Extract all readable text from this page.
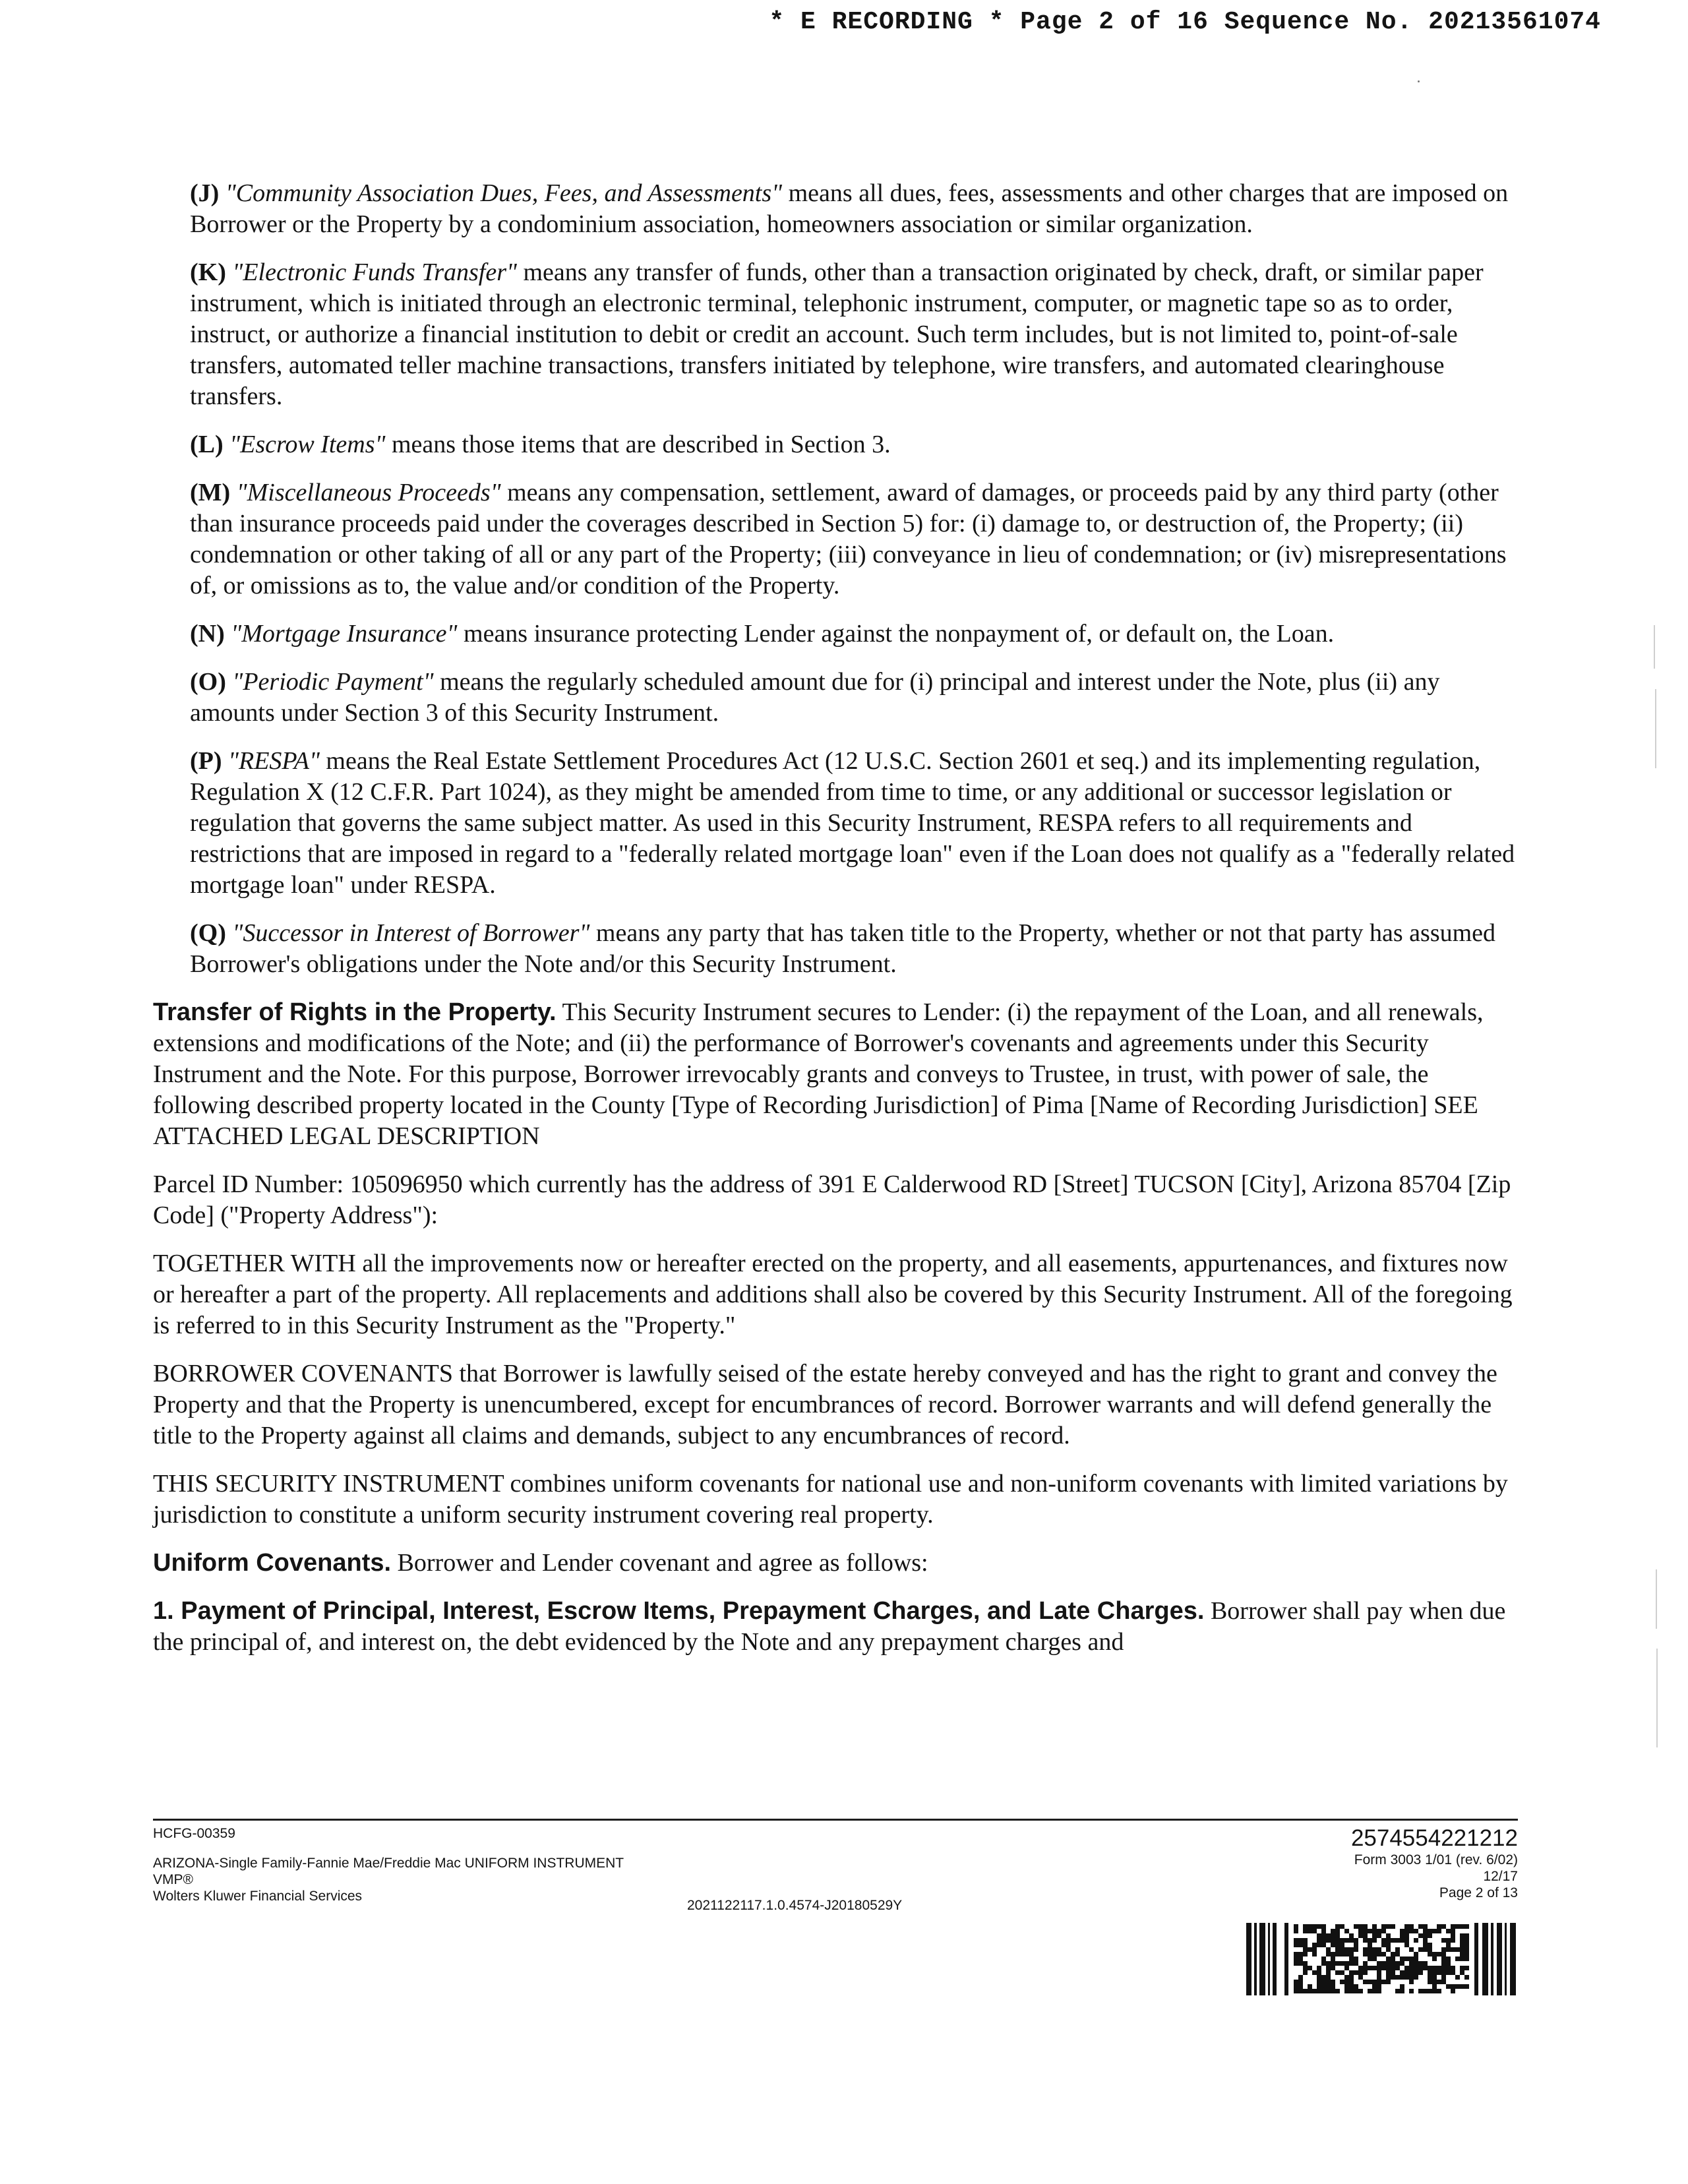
* E RECORDING * Page 2 of 16 Sequence No. 20213561074

(J) "Community Association Dues, Fees, and Assessments" means all dues, fees, assessments and other charges that are imposed on Borrower or the Property by a condominium association, homeowners association or similar organization.

(K) "Electronic Funds Transfer" means any transfer of funds, other than a transaction originated by check, draft, or similar paper instrument, which is initiated through an electronic terminal, telephonic instrument, computer, or magnetic tape so as to order, instruct, or authorize a financial institution to debit or credit an account. Such term includes, but is not limited to, point-of-sale transfers, automated teller machine transactions, transfers initiated by telephone, wire transfers, and automated clearinghouse transfers.

(L) "Escrow Items" means those items that are described in Section 3.

(M) "Miscellaneous Proceeds" means any compensation, settlement, award of damages, or proceeds paid by any third party (other than insurance proceeds paid under the coverages described in Section 5) for: (i) damage to, or destruction of, the Property; (ii) condemnation or other taking of all or any part of the Property; (iii) conveyance in lieu of condemnation; or (iv) misrepresentations of, or omissions as to, the value and/or condition of the Property.

(N) "Mortgage Insurance" means insurance protecting Lender against the nonpayment of, or default on, the Loan.

(O) "Periodic Payment" means the regularly scheduled amount due for (i) principal and interest under the Note, plus (ii) any amounts under Section 3 of this Security Instrument.

(P) "RESPA" means the Real Estate Settlement Procedures Act (12 U.S.C. Section 2601 et seq.) and its implementing regulation, Regulation X (12 C.F.R. Part 1024), as they might be amended from time to time, or any additional or successor legislation or regulation that governs the same subject matter. As used in this Security Instrument, RESPA refers to all requirements and restrictions that are imposed in regard to a "federally related mortgage loan" even if the Loan does not qualify as a "federally related mortgage loan" under RESPA.

(Q) "Successor in Interest of Borrower" means any party that has taken title to the Property, whether or not that party has assumed Borrower's obligations under the Note and/or this Security Instrument.

Transfer of Rights in the Property. This Security Instrument secures to Lender: (i) the repayment of the Loan, and all renewals, extensions and modifications of the Note; and (ii) the performance of Borrower's covenants and agreements under this Security Instrument and the Note. For this purpose, Borrower irrevocably grants and conveys to Trustee, in trust, with power of sale, the following described property located in the County [Type of Recording Jurisdiction] of Pima [Name of Recording Jurisdiction] SEE ATTACHED LEGAL DESCRIPTION

Parcel ID Number: 105096950 which currently has the address of 391 E Calderwood RD [Street] TUCSON [City], Arizona 85704 [Zip Code] ("Property Address"):

TOGETHER WITH all the improvements now or hereafter erected on the property, and all easements, appurtenances, and fixtures now or hereafter a part of the property. All replacements and additions shall also be covered by this Security Instrument. All of the foregoing is referred to in this Security Instrument as the "Property."

BORROWER COVENANTS that Borrower is lawfully seised of the estate hereby conveyed and has the right to grant and convey the Property and that the Property is unencumbered, except for encumbrances of record. Borrower warrants and will defend generally the title to the Property against all claims and demands, subject to any encumbrances of record.

THIS SECURITY INSTRUMENT combines uniform covenants for national use and non-uniform covenants with limited variations by jurisdiction to constitute a uniform security instrument covering real property.

Uniform Covenants. Borrower and Lender covenant and agree as follows:

1. Payment of Principal, Interest, Escrow Items, Prepayment Charges, and Late Charges. Borrower shall pay when due the principal of, and interest on, the debt evidenced by the Note and any prepayment charges and

HCFG-00359
ARIZONA-Single Family-Fannie Mae/Freddie Mac UNIFORM INSTRUMENT
VMP®
Wolters Kluwer Financial Services
2021122117.1.0.4574-J20180529Y
2574554221212
Form 3003 1/01 (rev. 6/02)
12/17
Page 2 of 13
